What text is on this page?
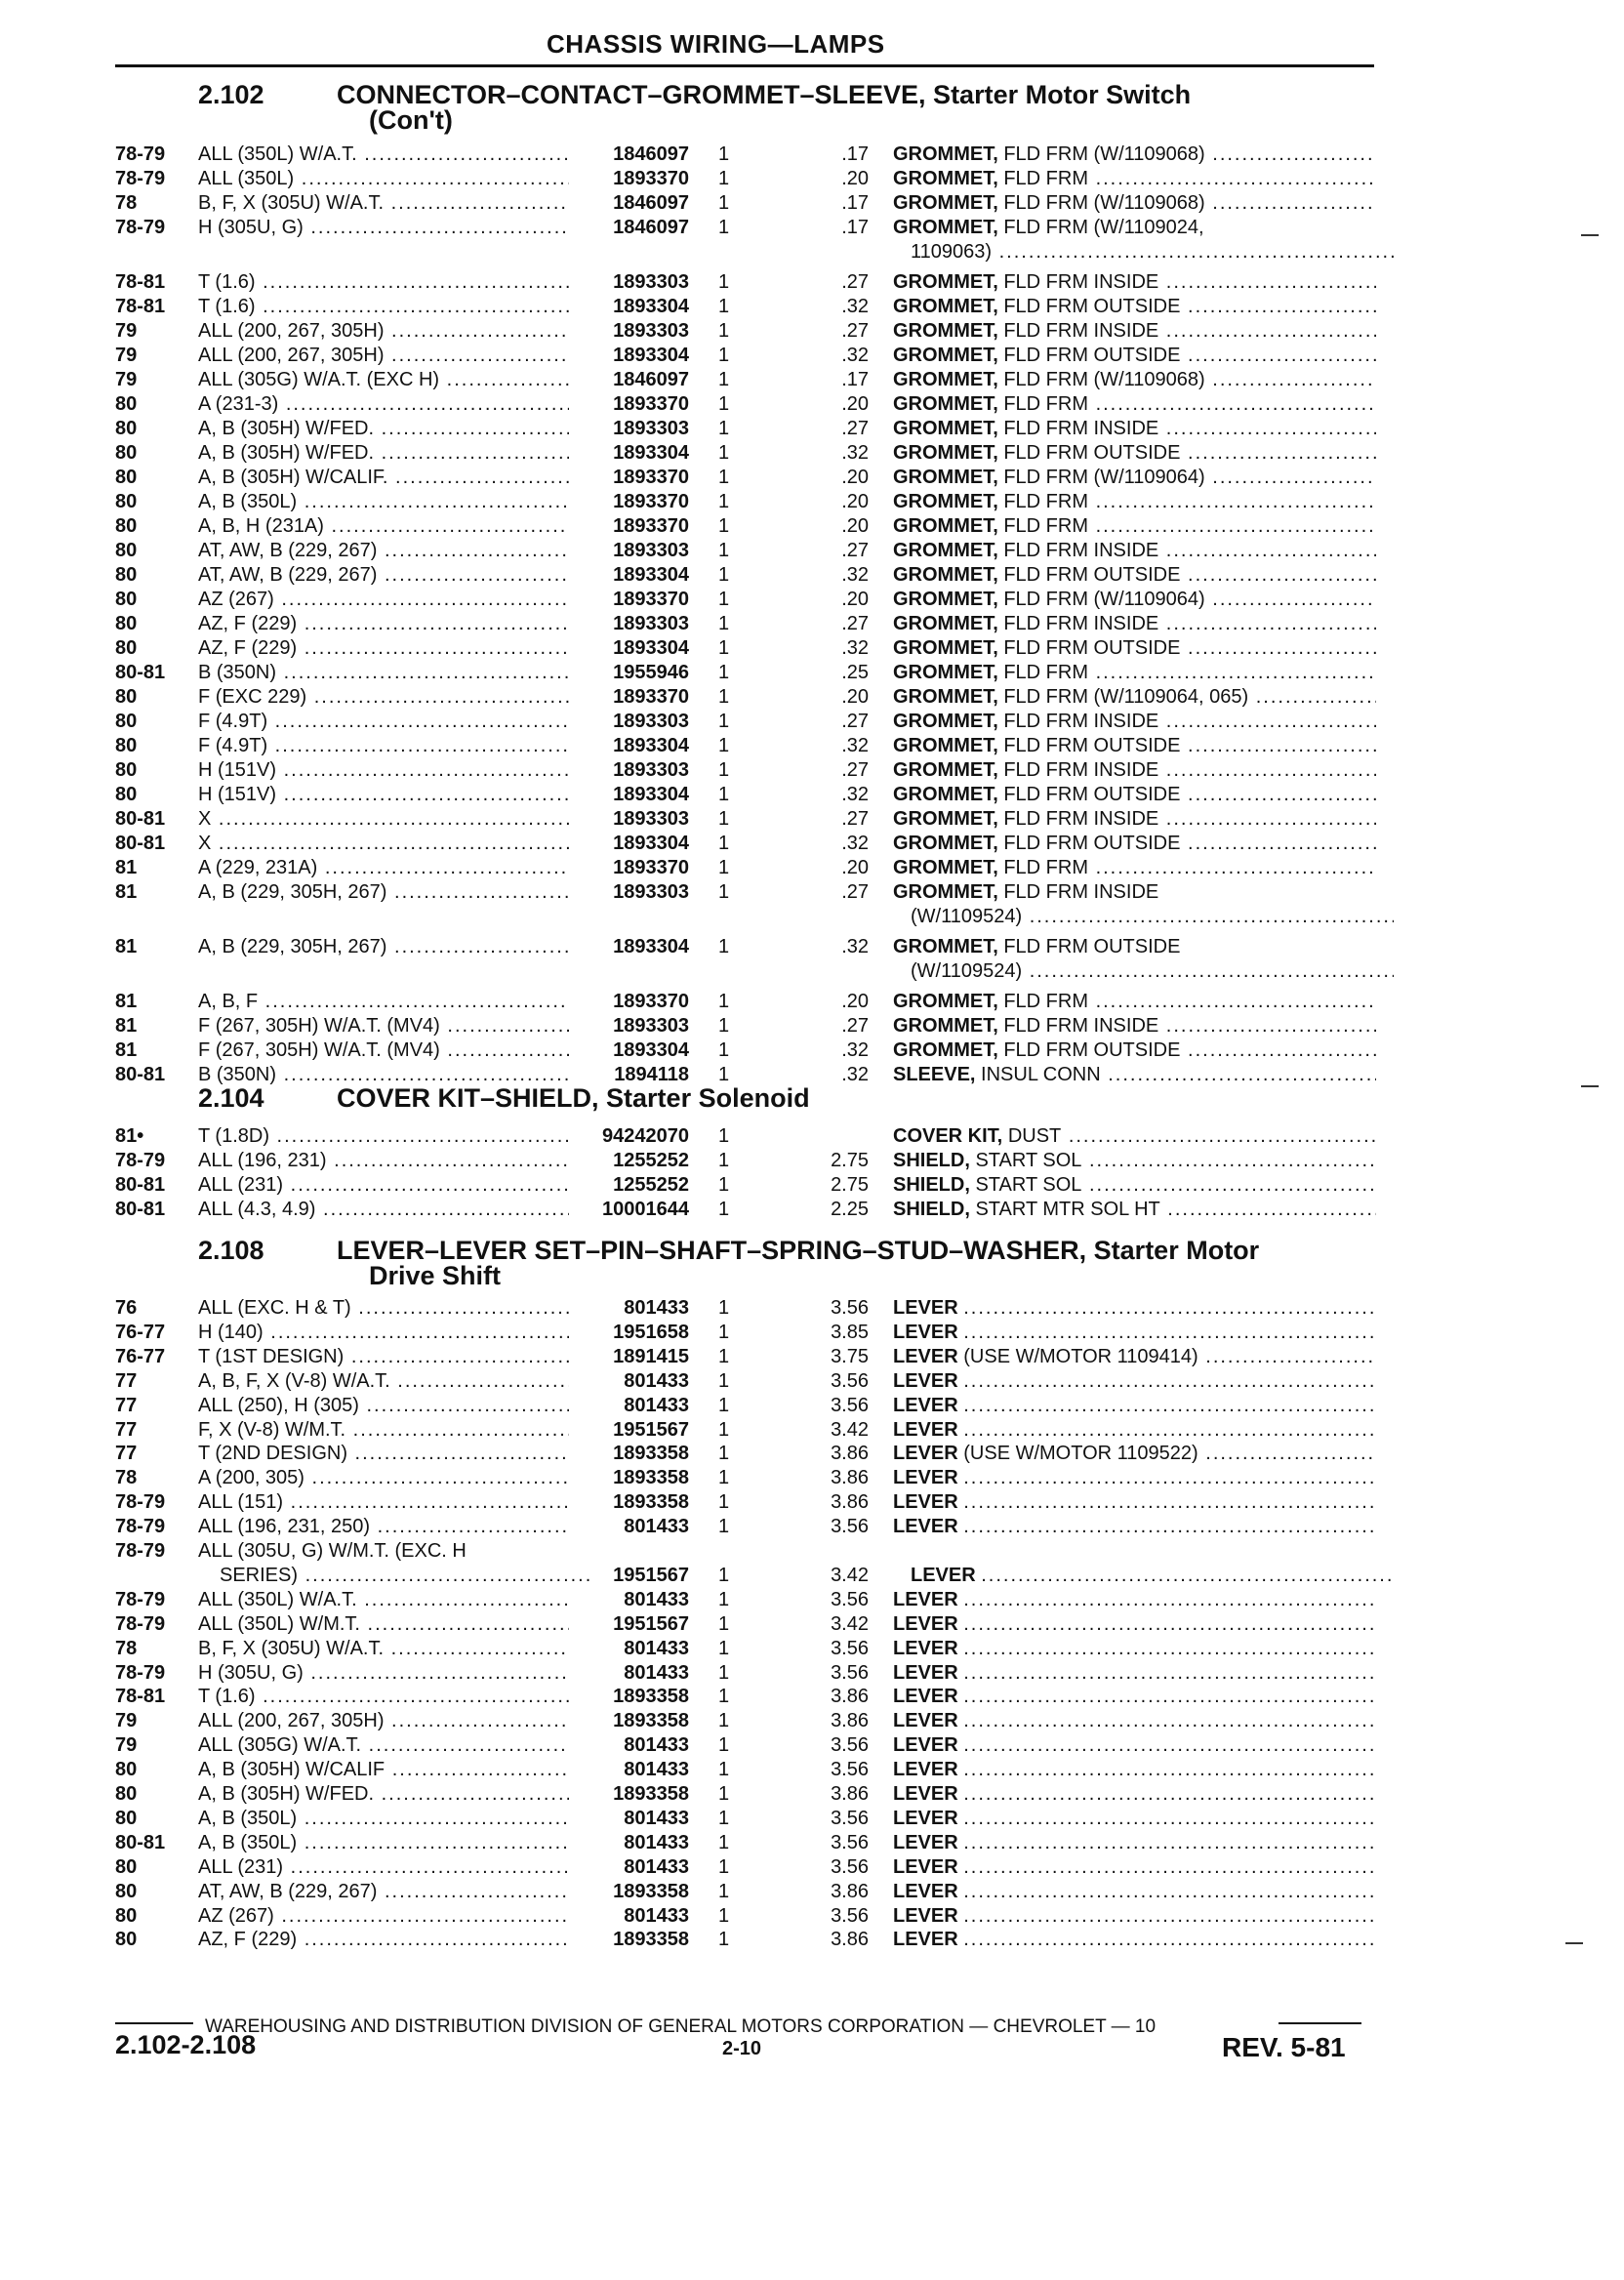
CHASSIS WIRING—LAMPS
2.102	CONNECTOR–CONTACT–GROMMET–SLEEVE, Starter Motor Switch
(Con't)
78-79	ALL (350L) W/A.T. .....	1846097 1	.17 GROMMET, FLD FRM (W/1109068) .....
78-79	ALL (350L) .....	1893370 1	.20 GROMMET, FLD FRM .....
78	B, F, X (305U) W/A.T. .....	1846097 1	.17 GROMMET, FLD FRM (W/1109068) .....
78-79	H (305U, G) .....	1846097 1	.17 GROMMET, FLD FRM (W/1109024,
1109063) .....
78-81	T (1.6) .....	1893303 1	.27 GROMMET, FLD FRM INSIDE .....
78-81	T (1.6) .....	1893304 1	.32 GROMMET, FLD FRM OUTSIDE .....
79	ALL (200, 267, 305H) .....	1893303 1	.27 GROMMET, FLD FRM INSIDE .....
79	ALL (200, 267, 305H) .....	1893304 1	.32 GROMMET, FLD FRM OUTSIDE .....
79	ALL (305G) W/A.T. (EXC H) .....	1846097 1	.17 GROMMET, FLD FRM (W/1109068) .....
80	A (231-3) .....	1893370 1	.20 GROMMET, FLD FRM .....
80	A, B (305H) W/FED. .....	1893303 1	.27 GROMMET, FLD FRM INSIDE .....
80	A, B (305H) W/FED. .....	1893304 1	.32 GROMMET, FLD FRM OUTSIDE .....
80	A, B (305H) W/CALIF. .....	1893370 1	.20 GROMMET, FLD FRM (W/1109064) .....
80	A, B (350L) .....	1893370 1	.20 GROMMET, FLD FRM .....
80	A, B, H (231A) .....	1893370 1	.20 GROMMET, FLD FRM .....
80	AT, AW, B (229, 267) .....	1893303 1	.27 GROMMET, FLD FRM INSIDE .....
80	AT, AW, B (229, 267) .....	1893304 1	.32 GROMMET, FLD FRM OUTSIDE .....
80	AZ (267) .....	1893370 1	.20 GROMMET, FLD FRM (W/1109064) .....
80	AZ, F (229) .....	1893303 1	.27 GROMMET, FLD FRM INSIDE .....
80	AZ, F (229) .....	1893304 1	.32 GROMMET, FLD FRM OUTSIDE .....
80-81	B (350N) .....	1955946 1	.25 GROMMET, FLD FRM .....
80	F (EXC 229) .....	1893370 1	.20 GROMMET, FLD FRM (W/1109064, 065) .....
80	F (4.9T) .....	1893303 1	.27 GROMMET, FLD FRM INSIDE .....
80	F (4.9T) .....	1893304 1	.32 GROMMET, FLD FRM OUTSIDE .....
80	H (151V) .....	1893303 1	.27 GROMMET, FLD FRM INSIDE .....
80	H (151V) .....	1893304 1	.32 GROMMET, FLD FRM OUTSIDE .....
80-81	X .....	1893303 1	.27 GROMMET, FLD FRM INSIDE .....
80-81	X .....	1893304 1	.32 GROMMET, FLD FRM OUTSIDE .....
81	A (229, 231A) .....	1893370 1	.20 GROMMET, FLD FRM .....
81	A, B (229, 305H, 267) .....	1893303 1	.27 GROMMET, FLD FRM INSIDE
(W/1109524) .....
81	A, B (229, 305H, 267) .....	1893304 1	.32 GROMMET, FLD FRM OUTSIDE
(W/1109524) .....
81	A, B, F .....	1893370 1	.20 GROMMET, FLD FRM .....
81	F (267, 305H) W/A.T. (MV4) .....	1893303 1	.27 GROMMET, FLD FRM INSIDE .....
81	F (267, 305H) W/A.T. (MV4) .....	1893304 1	.32 GROMMET, FLD FRM OUTSIDE .....
80-81	B (350N) .....	1894118 1	.32 SLEEVE, INSUL CONN .....
2.104	COVER KIT–SHIELD, Starter Solenoid
81•	T (1.8D) .....	94242070 1	COVER KIT, DUST .....
78-79	ALL (196, 231) .....	1255252 1	2.75 SHIELD, START SOL .....
80-81	ALL (231) .....	1255252 1	2.75 SHIELD, START SOL .....
80-81	ALL (4.3, 4.9) .....	10001644 1	2.25 SHIELD, START MTR SOL HT .....
2.108	LEVER–LEVER SET–PIN–SHAFT–SPRING–STUD–WASHER, Starter Motor
Drive Shift
76	ALL (EXC. H & T) .....	801433 1	3.56 LEVER .....
76-77	H (140) .....	1951658 1	3.85 LEVER .....
76-77	T (1ST DESIGN) .....	1891415 1	3.75 LEVER (USE W/MOTOR 1109414) .....
77	A, B, F, X (V-8) W/A.T. .....	801433 1	3.56 LEVER .....
77	ALL (250), H (305) .....	801433 1	3.56 LEVER .....
77	F, X (V-8) W/M.T. .....	1951567 1	3.42 LEVER .....
77	T (2ND DESIGN) .....	1893358 1	3.86 LEVER (USE W/MOTOR 1109522) .....
78	A (200, 305) .....	1893358 1	3.86 LEVER .....
78-79	ALL (151) .....	1893358 1	3.86 LEVER .....
78-79	ALL (196, 231, 250) .....	801433 1	3.56 LEVER .....
78-79	ALL (305U, G) W/M.T. (EXC. H
SERIES) .....	1951567 1	3.42 LEVER .....
78-79	ALL (350L) W/A.T. .....	801433 1	3.56 LEVER .....
78-79	ALL (350L) W/M.T. .....	1951567 1	3.42 LEVER .....
78	B, F, X (305U) W/A.T. .....	801433 1	3.56 LEVER .....
78-79	H (305U, G) .....	801433 1	3.56 LEVER .....
78-81	T (1.6) .....	1893358 1	3.86 LEVER .....
79	ALL (200, 267, 305H) .....	1893358 1	3.86 LEVER .....
79	ALL (305G) W/A.T. .....	801433 1	3.56 LEVER .....
80	A, B (305H) W/CALIF .....	801433 1	3.56 LEVER .....
80	A, B (305H) W/FED. .....	1893358 1	3.86 LEVER .....
80	A, B (350L) .....	801433 1	3.56 LEVER .....
80-81	A, B (350L) .....	801433 1	3.56 LEVER .....
80	ALL (231) .....	801433 1	3.56 LEVER .....
80	AT, AW, B (229, 267) .....	1893358 1	3.86 LEVER .....
80	AZ (267) .....	801433 1	3.56 LEVER .....
80	AZ, F (229) .....	1893358 1	3.86 LEVER .....
WAREHOUSING AND DISTRIBUTION DIVISION OF GENERAL MOTORS CORPORATION — CHEVROLET — 10
2.102-2.108	2-10	REV. 5-81
